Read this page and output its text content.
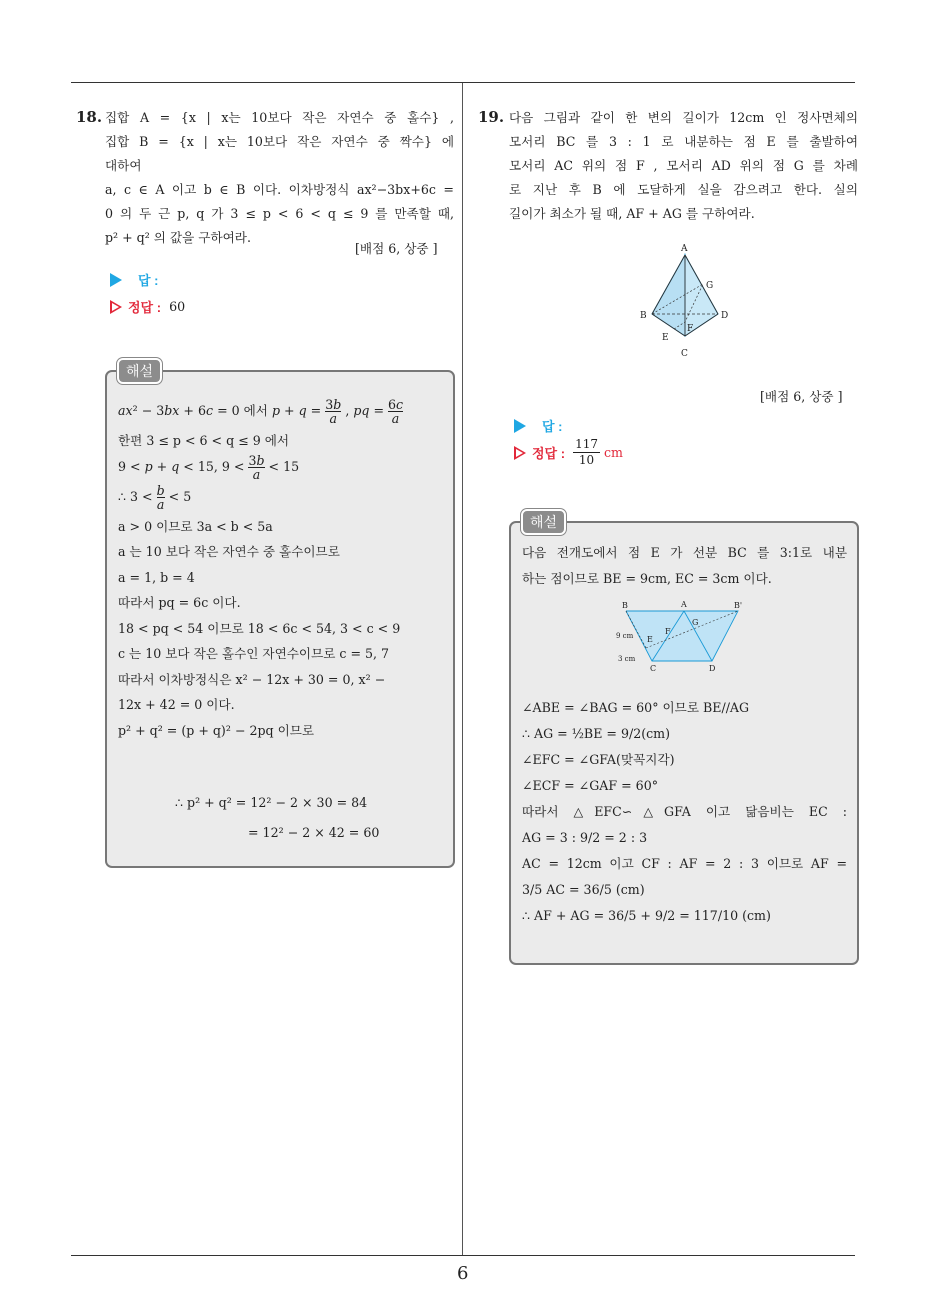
18. 집합 A = {x | x는 10보다 작은 자연수 중 홀수} ,

집합 B = {x | x는 10보다 작은 자연수 중 짝수} 에

대하여

a, c ∈ A 이고 b ∈ B 이다. 이차방정식 ax²−3bx+6c =

0 의 두 근 p, q 가 3 ≤ p < 6 < q ≤ 9 를 만족할 때,

p² + q² 의 값을 구하여라.

[배점 6, 상중 ]
답 :
정답 : 60
해설
ax² − 3bx + 6c = 0 에서 $p + q = \frac{3b}{a}$ , pq = $\frac{6c}{a}$
한편 3 ≤ p < 6 < q ≤ 9 에서
9 < p + q < 15, $9 < \frac{3b}{a} < 15$
∴ $3 < \frac{b}{a} < 5$
a > 0 이므로 3a < b < 5a
a 는 10 보다 작은 자연수 중 홀수이므로
a = 1, b = 4
따라서 pq = 6c 이다.
18 < pq < 54 이므로 18 < 6c < 54, 3 < c < 9
c 는 10 보다 작은 홀수인 자연수이므로 c = 5, 7
따라서 이차방정식은 x² − 12x + 30 = 0, x² −
12x + 42 = 0 이다.
p² + q² = (p + q)² − 2pq 이므로
∴ p² + q² = 12² − 2 × 30 = 84
= 12² − 2 × 42 = 60
19. 다음 그림과 같이 한 변의 길이가 12cm 인 정사면체의

모서리 BC 를 3 : 1 로 내분하는 점 E 를 출발하여

모서리 AC 위의 점 F , 모서리 AD 위의 점 G 를 차례

로 지난 후 B 에 도달하게 실을 감으려고 한다. 실의

길이가 최소가 될 때, AF + AG 를 구하여라.

A
G
B	D
F
E
C
[배점 6, 상중 ]
답 :
정답 : $\frac{117}{10}$ cm
해설
다음 전개도에서 점 E 가 선분 BC 를 3:1로 내분
하는 점이므로 BE = 9cm, EC = 3cm 이다.
B	A	B'
G
F
E
9 cm
3 cm
C	D
∠ABE = ∠BAG = 60° 이므로 BE//AG
∴ AG = ½BE = 9/2(cm)
∠EFC = ∠GFA(맞꼭지각)
∠ECF = ∠GAF = 60°
따라서 △EFC∽△GFA 이고 닮음비는 EC :
AG = 3 : 9/2 = 2 : 3
AC = 12cm 이고 CF : AF = 2 : 3 이므로 AF =
3/5 AC = 36/5 (cm)
∴ AF + AG = 36/5 + 9/2 = 117/10 (cm)
6
